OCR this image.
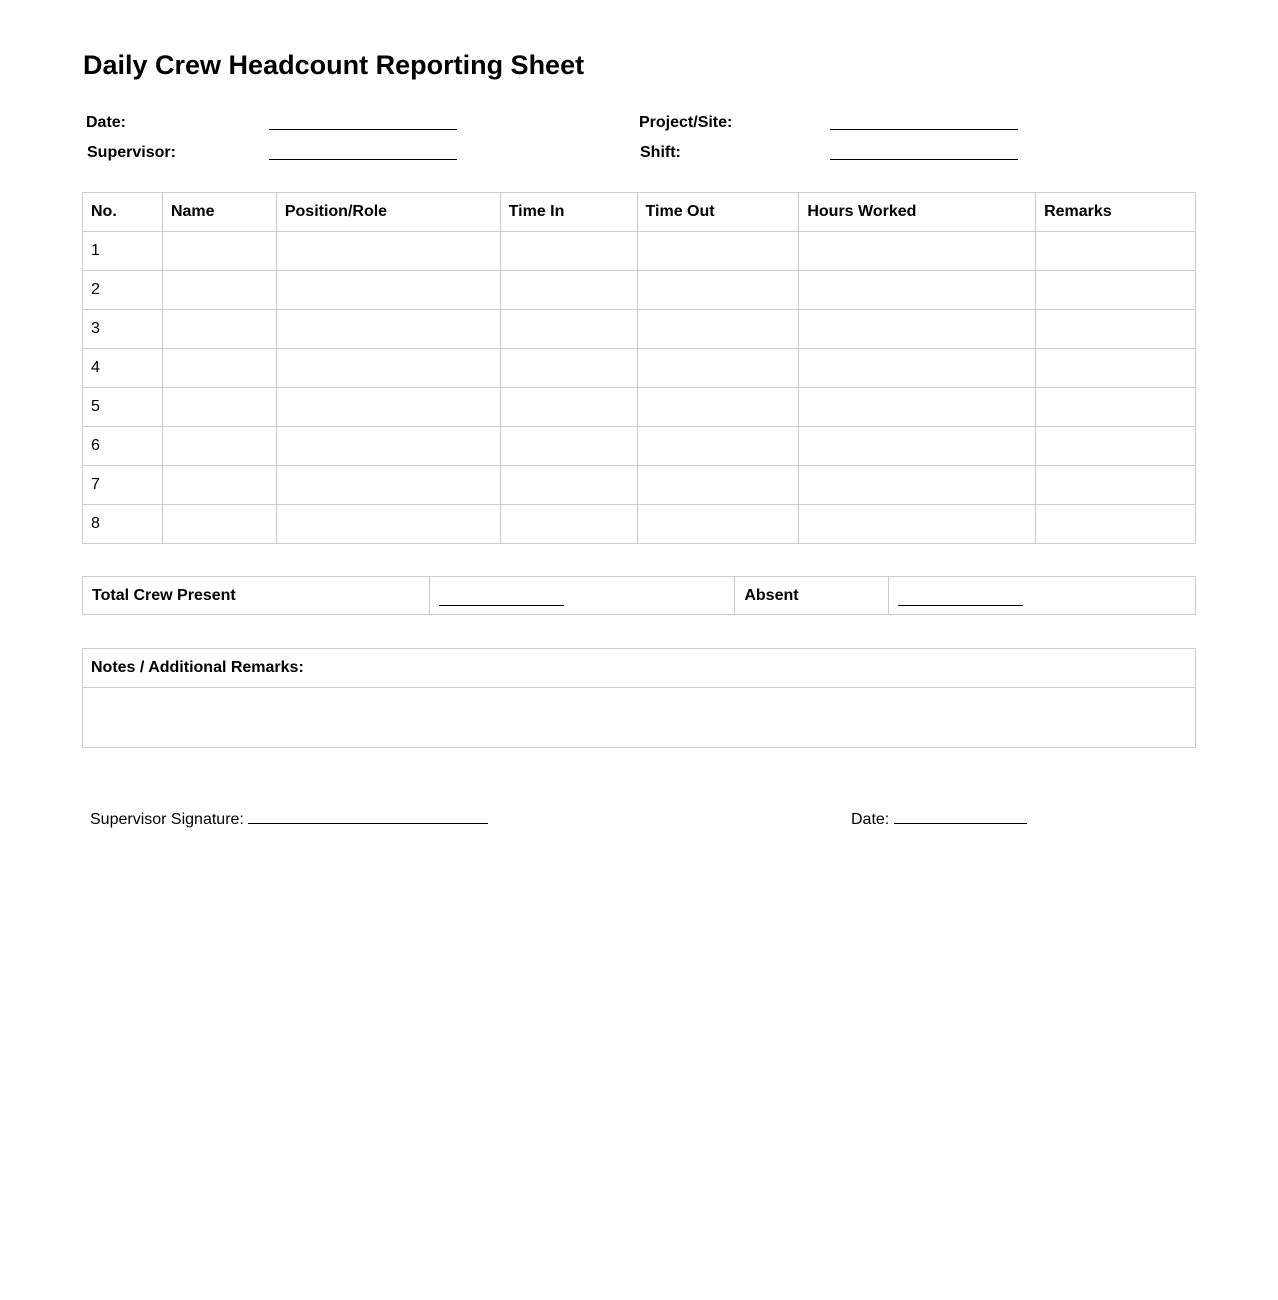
Daily Crew Headcount Reporting Sheet
Date:
Supervisor:
Project/Site:
Shift:
No.	Name	Position/Role	Time In	Time Out	Hours Worked	Remarks
1						
2						
3						
4						
5						
6						
7						
8						
Total Crew Present		Absent	
Notes / Additional Remarks:
Supervisor Signature:	Date:
